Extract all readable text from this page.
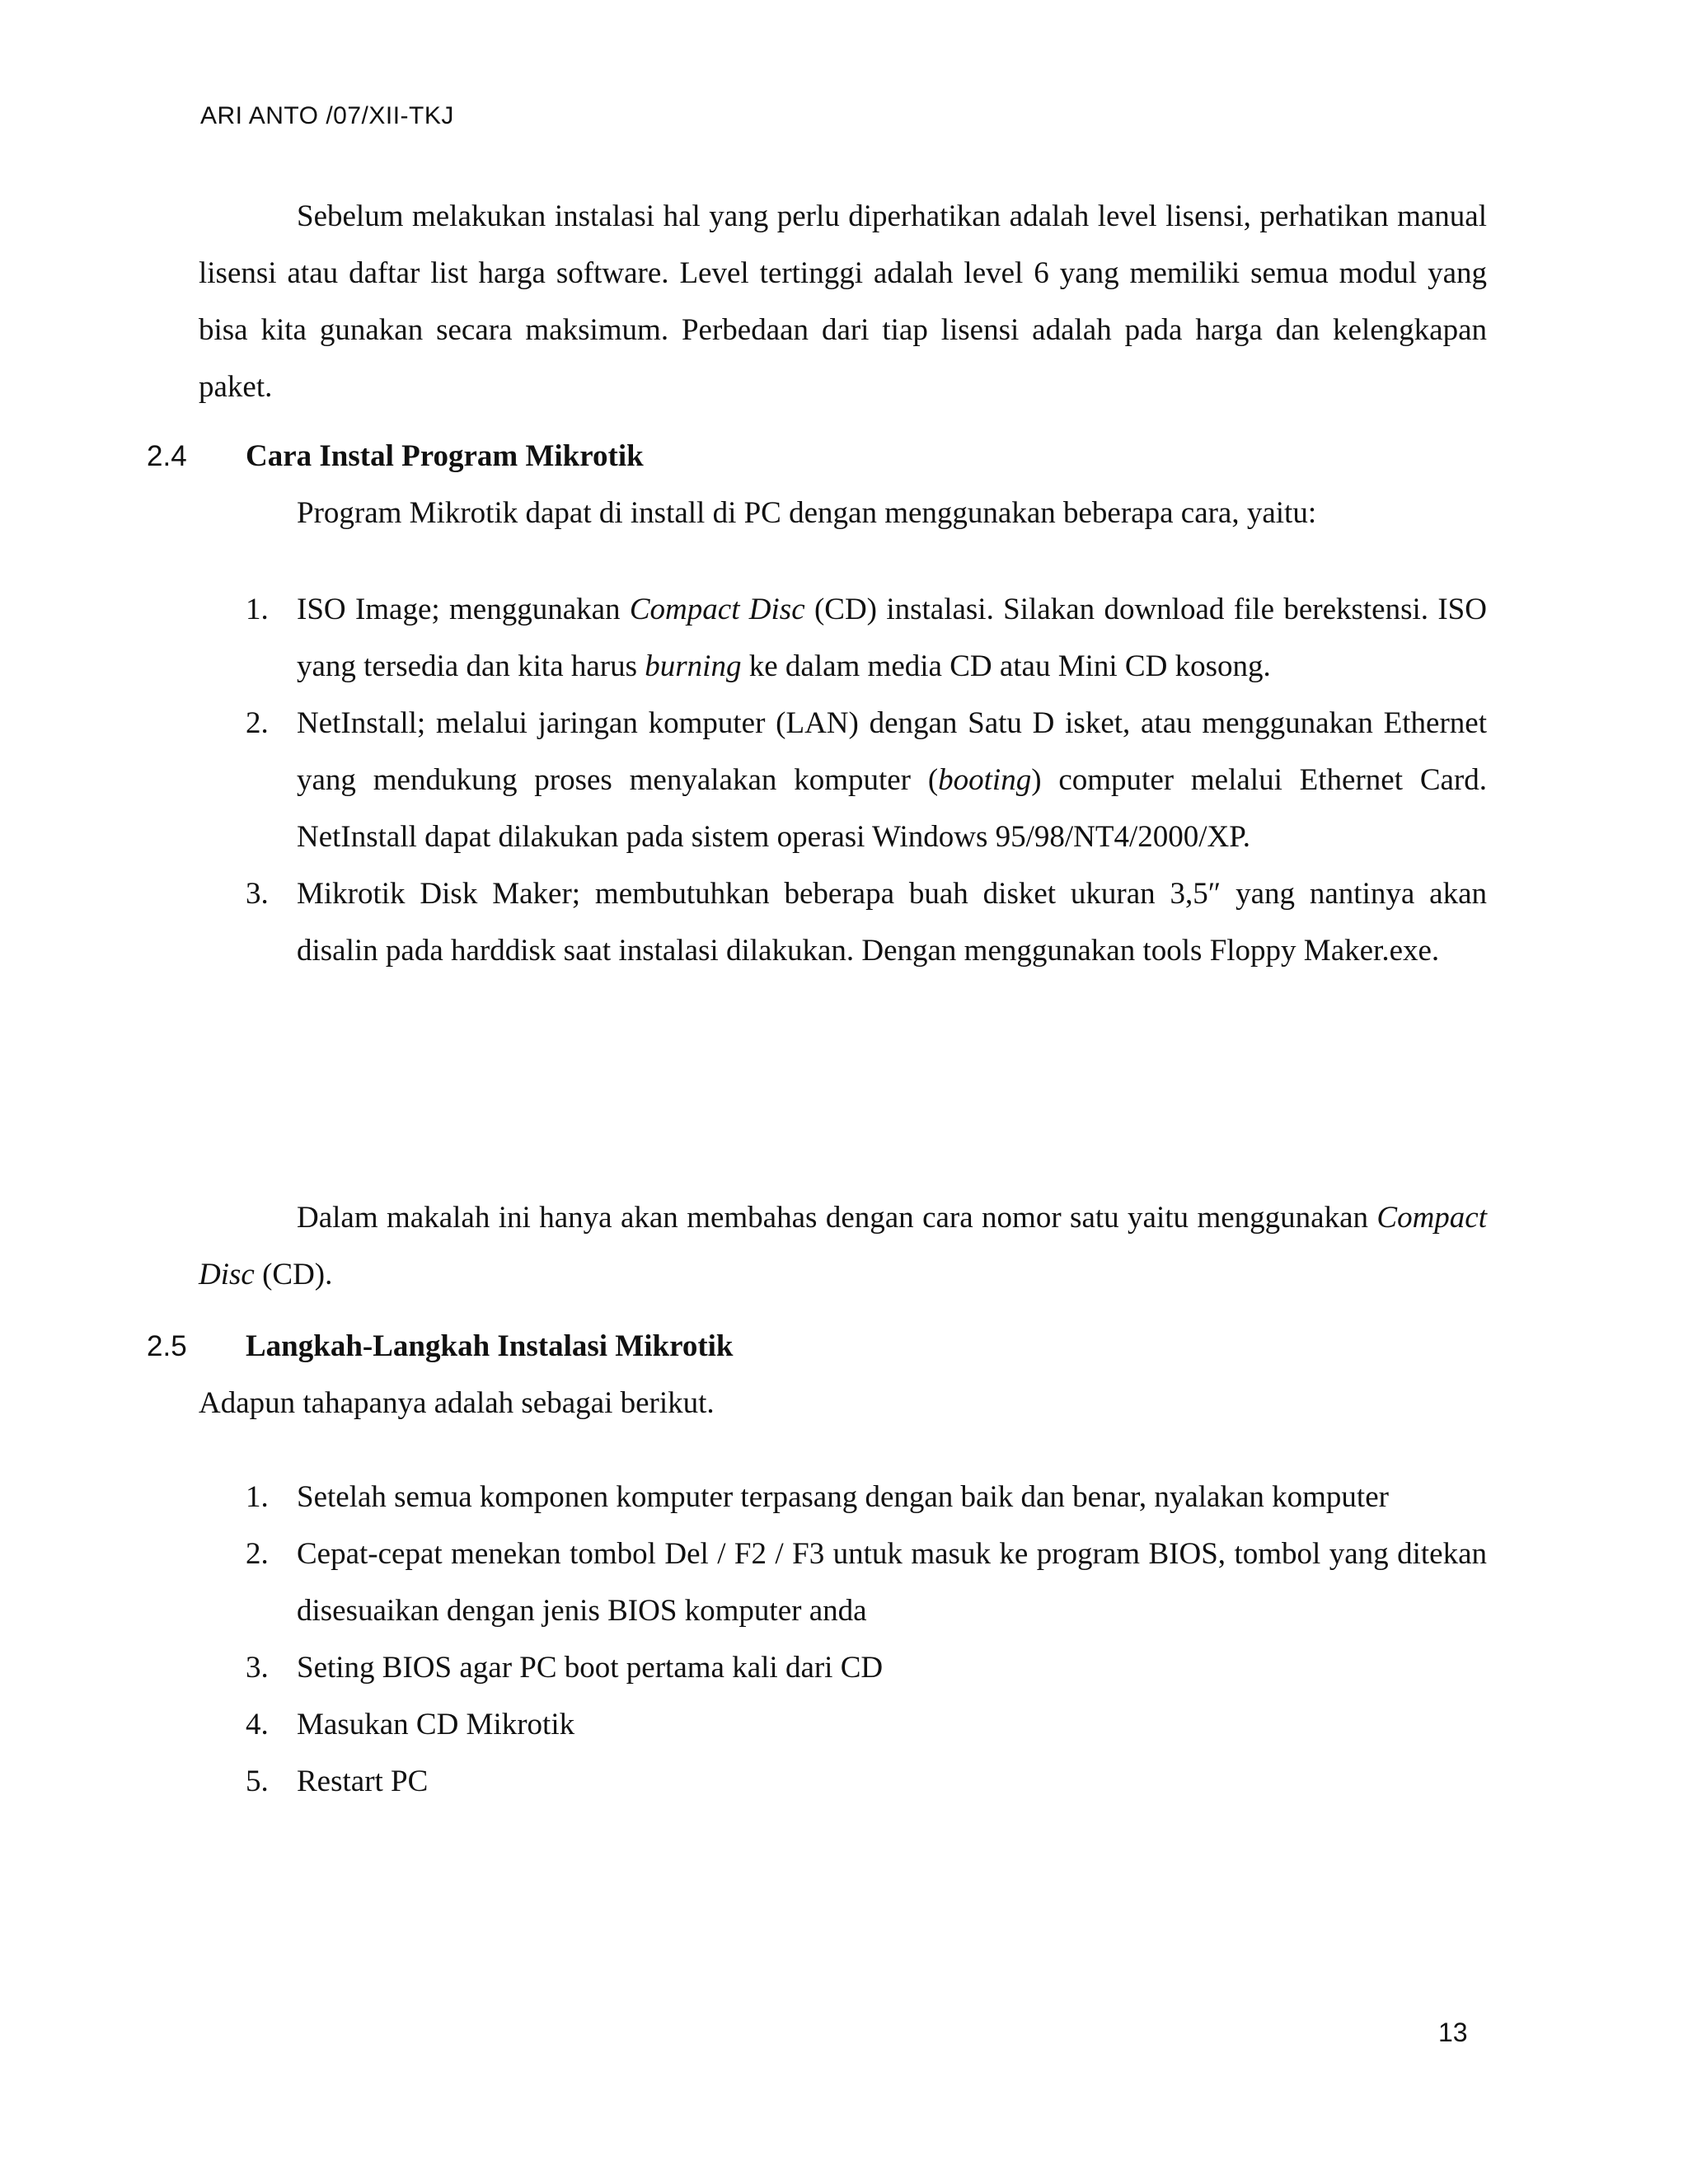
ARI ANTO /07/XII-TKJ

Sebelum melakukan instalasi hal yang perlu diperhatikan adalah level lisensi, perhatikan manual lisensi atau daftar list harga software. Level tertinggi adalah level 6 yang memiliki semua modul yang bisa kita gunakan secara maksimum. Perbedaan dari tiap lisensi adalah pada harga dan kelengkapan paket.

2.4 Cara Instal Program Mikrotik
Program Mikrotik dapat di install di PC dengan menggunakan beberapa cara, yaitu:
1. ISO Image; menggunakan Compact Disc (CD) instalasi. Silakan download file berekstensi. ISO yang tersedia dan kita harus burning ke dalam media CD atau Mini CD kosong.
2. NetInstall; melalui jaringan komputer (LAN) dengan Satu D isket, atau menggunakan Ethernet yang mendukung proses menyalakan komputer (booting) computer melalui Ethernet Card. NetInstall dapat dilakukan pada sistem operasi Windows 95/98/NT4/2000/XP.
3. Mikrotik Disk Maker; membutuhkan beberapa buah disket ukuran 3,5″ yang nantinya akan disalin pada harddisk saat instalasi dilakukan. Dengan menggunakan tools Floppy Maker.exe.

Dalam makalah ini hanya akan membahas dengan cara nomor satu yaitu menggunakan Compact Disc (CD).

2.5 Langkah-Langkah Instalasi Mikrotik
Adapun tahapanya adalah sebagai berikut.
1. Setelah semua komponen komputer terpasang dengan baik dan benar, nyalakan komputer
2. Cepat-cepat menekan tombol Del / F2 / F3 untuk masuk ke program BIOS, tombol yang ditekan disesuaikan dengan jenis BIOS komputer anda
3. Seting BIOS agar PC boot pertama kali dari CD
4. Masukan CD Mikrotik
5. Restart PC
13
